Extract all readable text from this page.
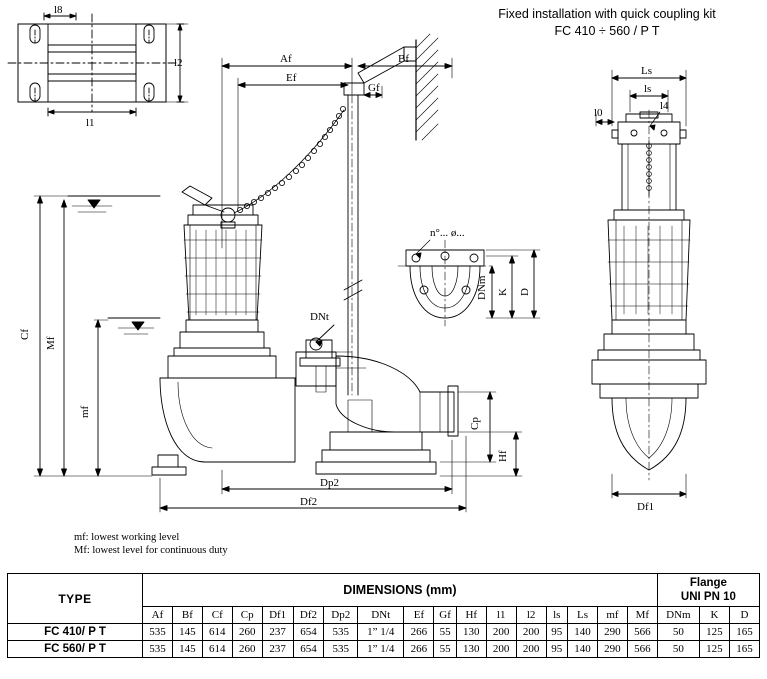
Fixed installation with quick coupling kit
FC 410 ÷ 560 / P T
l8
l2
l1
Af	Bf
Ef
Gf
Cf
Mf
mf
Cp
Hf
Dp2
Df2
DNt
n°... ø...
DNm K D
ls
Ls
l0
l4
Df1
mf: lowest working level
Mf: lowest level for continuous duty
TYPE	DIMENSIONS (mm)																	Flange
UNI PN 10		

	Af	Bf	Cf	Cp	Df1	Df2	Dp2	DNt	Ef	Gf	Hf	l1	l2	ls	Ls	mf	Mf	DNm	K	D
FC 410/ P T	535	145	614	260	237	654	535	1” 1/4	266	55	130	200	200	95	140	290	566	50	125	165
FC 560/ P T	535	145	614	260	237	654	535	1” 1/4	266	55	130	200	200	95	140	290	566	50	125	165
